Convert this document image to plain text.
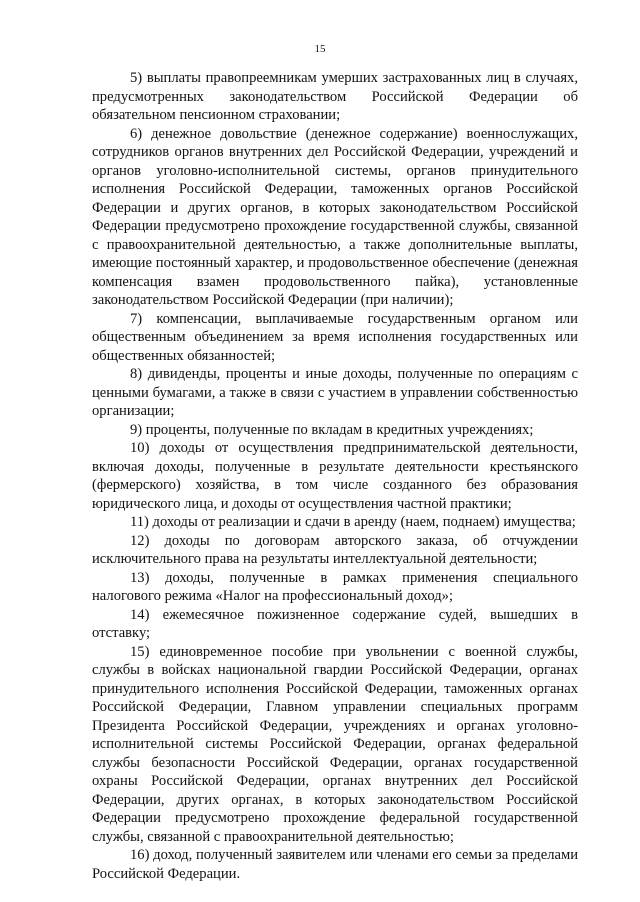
15

5) выплаты правопреемникам умерших застрахованных лиц в случаях, предусмотренных законодательством Российской Федерации об обязательном пенсионном страховании;

6) денежное довольствие (денежное содержание) военнослужащих, сотрудников органов внутренних дел Российской Федерации, учреждений и органов уголовно-исполнительной системы, органов принудительного исполнения Российской Федерации, таможенных органов Российской Федерации и других органов, в которых законодательством Российской Федерации предусмотрено прохождение государственной службы, связанной с правоохранительной деятельностью, а также дополнительные выплаты, имеющие постоянный характер, и продовольственное обеспечение (денежная компенсация взамен продовольственного пайка), установленные законодательством Российской Федерации (при наличии);

7) компенсации, выплачиваемые государственным органом или общественным объединением за время исполнения государственных или общественных обязанностей;

8) дивиденды, проценты и иные доходы, полученные по операциям с ценными бумагами, а также в связи с участием в управлении собственностью организации;

9) проценты, полученные по вкладам в кредитных учреждениях;

10) доходы от осуществления предпринимательской деятельности, включая доходы, полученные в результате деятельности крестьянского (фермерского) хозяйства, в том числе созданного без образования юридического лица, и доходы от осуществления частной практики;

11) доходы от реализации и сдачи в аренду (наем, поднаем) имущества;

12) доходы по договорам авторского заказа, об отчуждении исключительного права на результаты интеллектуальной деятельности;

13) доходы, полученные в рамках применения специального налогового режима «Налог на профессиональный доход»;

14) ежемесячное пожизненное содержание судей, вышедших в отставку;

15) единовременное пособие при увольнении с военной службы, службы в войсках национальной гвардии Российской Федерации, органах принудительного исполнения Российской Федерации, таможенных органах Российской Федерации, Главном управлении специальных программ Президента Российской Федерации, учреждениях и органах уголовно-исполнительной системы Российской Федерации, органах федеральной службы безопасности Российской Федерации, органах государственной охраны Российской Федерации, органах внутренних дел Российской Федерации, других органах, в которых законодательством Российской Федерации предусмотрено прохождение федеральной государственной службы, связанной с правоохранительной деятельностью;

16) доход, полученный заявителем или членами его семьи за пределами Российской Федерации.
